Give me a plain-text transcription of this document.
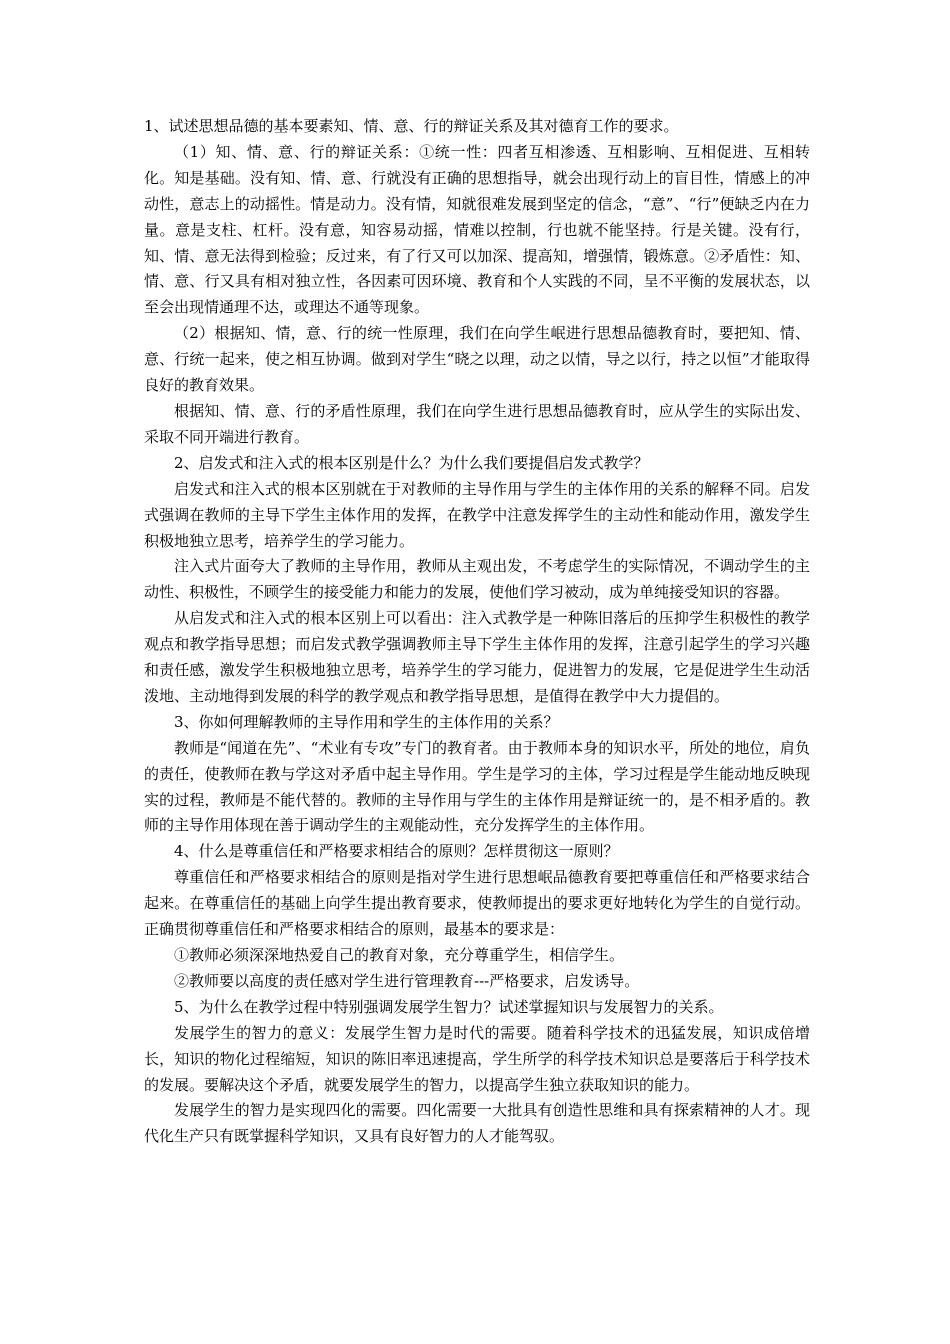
1、试述思想品德的基本要素知、情、意、行的辩证关系及其对德育工作的要求。

（1）知、情、意、行的辩证关系：①统一性：四者互相渗透、互相影响、互相促进、互相转化。知是基础。没有知、情、意、行就没有正确的思想指导，就会出现行动上的盲目性，情感上的冲动性，意志上的动摇性。情是动力。没有情，知就很难发展到坚定的信念，“意”、“行”便缺乏内在力量。意是支柱、杠杆。没有意，知容易动摇，情难以控制，行也就不能坚持。行是关键。没有行，知、情、意无法得到检验；反过来，有了行又可以加深、提高知，增强情，锻炼意。②矛盾性：知、情、意、行又具有相对独立性，各因素可因环境、教育和个人实践的不同，呈不平衡的发展状态，以至会出现情通理不达，或理达不通等现象。

（2）根据知、情，意、行的统一性原理，我们在向学生岷进行思想品德教育时，要把知、情、意、行统一起来，使之相互协调。做到对学生“晓之以理，动之以情，导之以行，持之以恒”才能取得良好的教育效果。

根据知、情、意、行的矛盾性原理，我们在向学生进行思想品德教育时，应从学生的实际出发、采取不同开端进行教育。

2、启发式和注入式的根本区别是什么？为什么我们要提倡启发式教学？

启发式和注入式的根本区别就在于对教师的主导作用与学生的主体作用的关系的解释不同。启发式强调在教师的主导下学生主体作用的发挥，在教学中注意发挥学生的主动性和能动作用，激发学生积极地独立思考，培养学生的学习能力。

注入式片面夸大了教师的主导作用，教师从主观出发，不考虑学生的实际情况，不调动学生的主动性、积极性，不顾学生的接受能力和能力的发展，使他们学习被动，成为单纯接受知识的容器。

从启发式和注入式的根本区别上可以看出：注入式教学是一种陈旧落后的压抑学生积极性的教学观点和教学指导思想；而启发式教学强调教师主导下学生主体作用的发挥，注意引起学生的学习兴趣和责任感，激发学生积极地独立思考，培养学生的学习能力，促进智力的发展，它是促进学生生动活泼地、主动地得到发展的科学的教学观点和教学指导思想，是值得在教学中大力提倡的。

3、你如何理解教师的主导作用和学生的主体作用的关系？

教师是“闻道在先”、“术业有专攻”专门的教育者。由于教师本身的知识水平，所处的地位，肩负的责任，使教师在教与学这对矛盾中起主导作用。学生是学习的主体，学习过程是学生能动地反映现实的过程，教师是不能代替的。教师的主导作用与学生的主体作用是辩证统一的，是不相矛盾的。教师的主导作用体现在善于调动学生的主观能动性，充分发挥学生的主体作用。

4、什么是尊重信任和严格要求相结合的原则？怎样贯彻这一原则？

尊重信任和严格要求相结合的原则是指对学生进行思想岷品德教育要把尊重信任和严格要求结合起来。在尊重信任的基础上向学生提出教育要求，使教师提出的要求更好地转化为学生的自觉行动。正确贯彻尊重信任和严格要求相结合的原则，最基本的要求是：

①教师必须深深地热爱自己的教育对象，充分尊重学生，相信学生。

②教师要以高度的责任感对学生进行管理教育---严格要求，启发诱导。

5、为什么在教学过程中特别强调发展学生智力？试述掌握知识与发展智力的关系。

发展学生的智力的意义：发展学生智力是时代的需要。随着科学技术的迅猛发展，知识成倍增长，知识的物化过程缩短，知识的陈旧率迅速提高，学生所学的科学技术知识总是要落后于科学技术的发展。要解决这个矛盾，就要发展学生的智力，以提高学生独立获取知识的能力。

发展学生的智力是实现四化的需要。四化需要一大批具有创造性思维和具有探索精神的人才。现代化生产只有既掌握科学知识，又具有良好智力的人才能驾驭。
